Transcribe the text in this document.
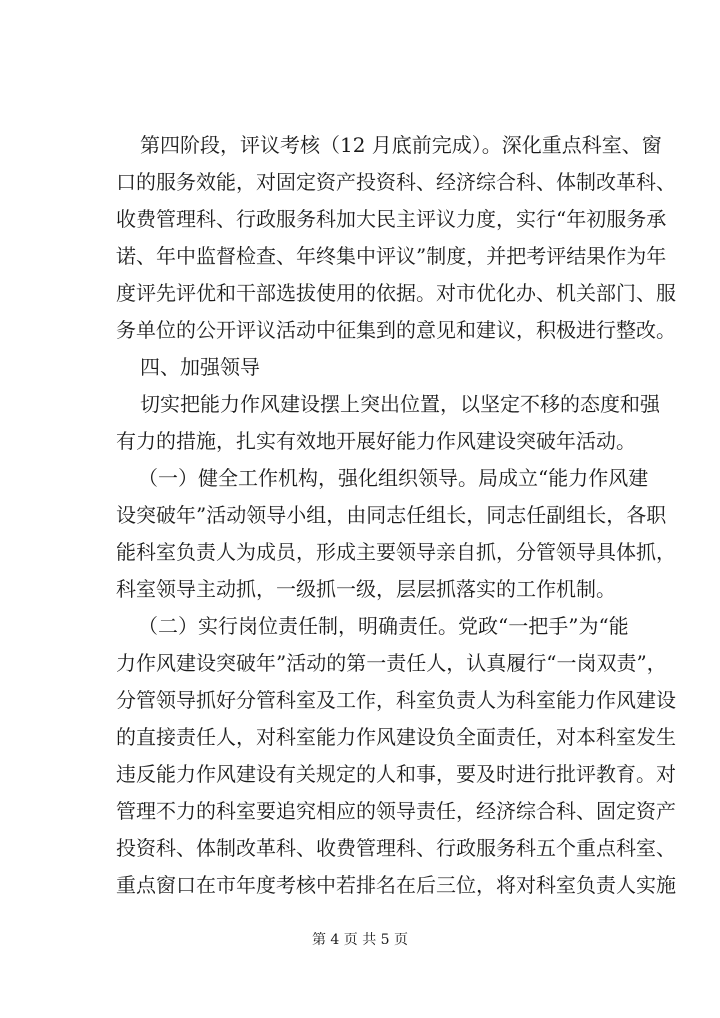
第四阶段，评议考核（12 月底前完成）。深化重点科室、窗
口的服务效能，对固定资产投资科、经济综合科、体制改革科、
收费管理科、行政服务科加大民主评议力度，实行“年初服务承
诺、年中监督检查、年终集中评议”制度，并把考评结果作为年
度评先评优和干部选拔使用的依据。对市优化办、机关部门、服
务单位的公开评议活动中征集到的意见和建议，积极进行整改。
四、加强领导
切实把能力作风建设摆上突出位置，以坚定不移的态度和强
有力的措施，扎实有效地开展好能力作风建设突破年活动。
（一）健全工作机构，强化组织领导。局成立“能力作风建
设突破年”活动领导小组，由同志任组长，同志任副组长，各职
能科室负责人为成员，形成主要领导亲自抓，分管领导具体抓，
科室领导主动抓，一级抓一级，层层抓落实的工作机制。
（二）实行岗位责任制，明确责任。党政“一把手”为“能
力作风建设突破年”活动的第一责任人，认真履行“一岗双责”，
分管领导抓好分管科室及工作，科室负责人为科室能力作风建设
的直接责任人，对科室能力作风建设负全面责任，对本科室发生
违反能力作风建设有关规定的人和事，要及时进行批评教育。对
管理不力的科室要追究相应的领导责任，经济综合科、固定资产
投资科、体制改革科、收费管理科、行政服务科五个重点科室、
重点窗口在市年度考核中若排名在后三位，将对科室负责人实施
第 4 页 共 5 页
